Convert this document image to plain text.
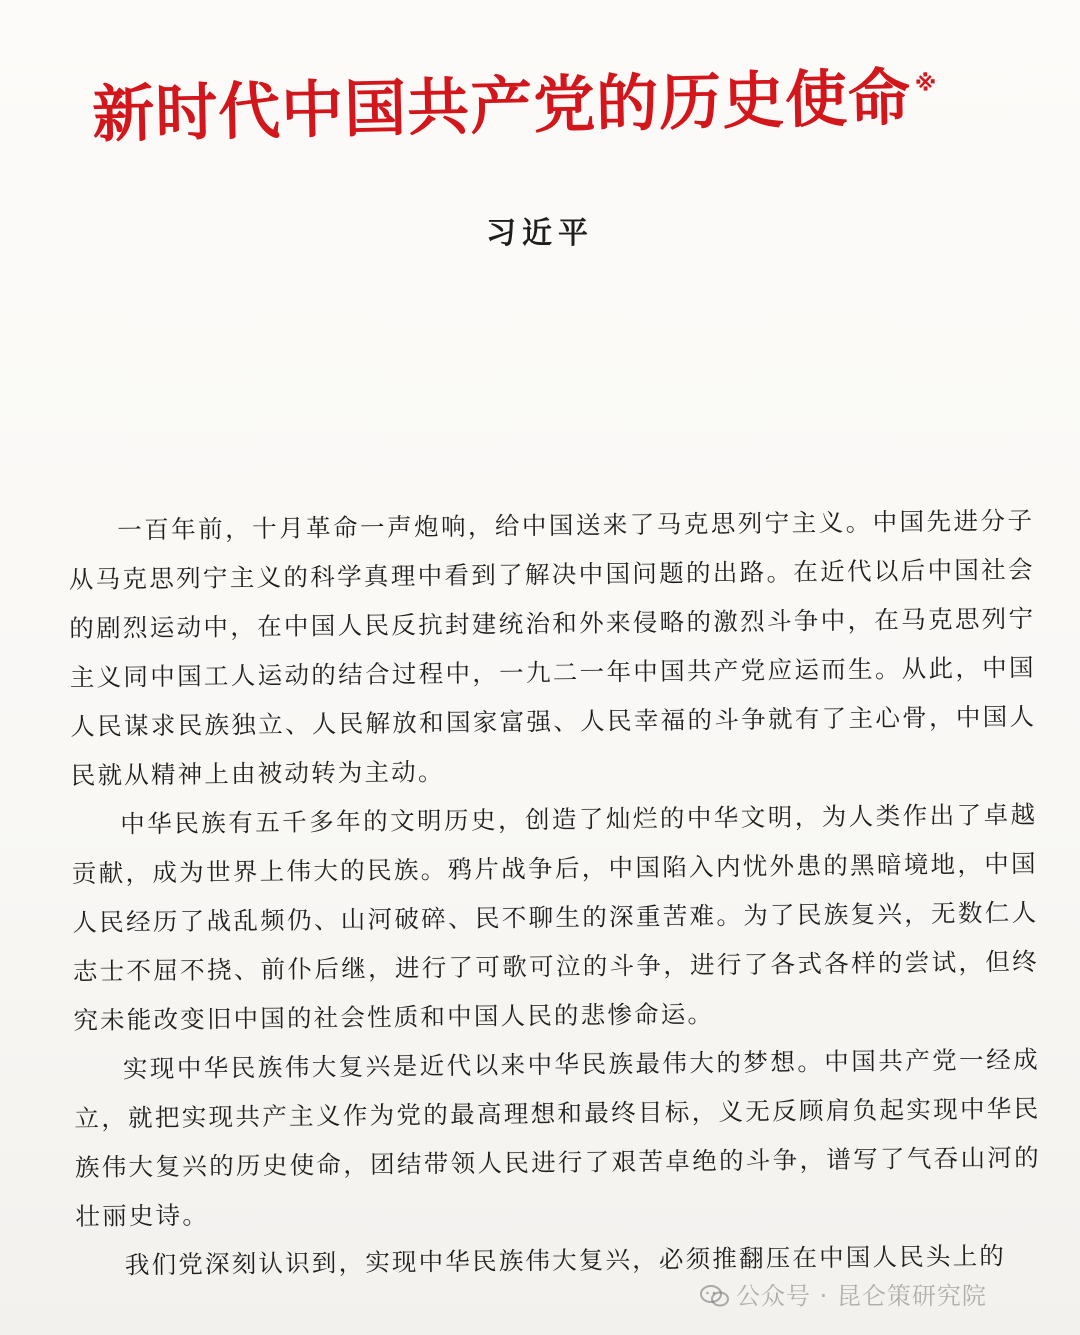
新时代中国共产党的历史使命 ※
习近平

一百年前，十月革命一声炮响，给中国送来了马克思列宁主义。中国先进分子从马克思列宁主义的科学真理中看到了解决中国问题的出路。在近代以后中国社会的剧烈运动中，在中国人民反抗封建统治和外来侵略的激烈斗争中，在马克思列宁主义同中国工人运动的结合过程中，一九二一年中国共产党应运而生。从此，中国人民谋求民族独立、人民解放和国家富强、人民幸福的斗争就有了主心骨，中国人民就从精神上由被动转为主动。

中华民族有五千多年的文明历史，创造了灿烂的中华文明，为人类作出了卓越贡献，成为世界上伟大的民族。鸦片战争后，中国陷入内忧外患的黑暗境地，中国人民经历了战乱频仍、山河破碎、民不聊生的深重苦难。为了民族复兴，无数仁人志士不屈不挠、前仆后继，进行了可歌可泣的斗争，进行了各式各样的尝试，但终究未能改变旧中国的社会性质和中国人民的悲惨命运。

实现中华民族伟大复兴是近代以来中华民族最伟大的梦想。中国共产党一经成立，就把实现共产主义作为党的最高理想和最终目标，义无反顾肩负起实现中华民族伟大复兴的历史使命，团结带领人民进行了艰苦卓绝的斗争，谱写了气吞山河的壮丽史诗。

我们党深刻认识到，实现中华民族伟大复兴，必须推翻压在中国人民头上的

公众号 · 昆仑策研究院
